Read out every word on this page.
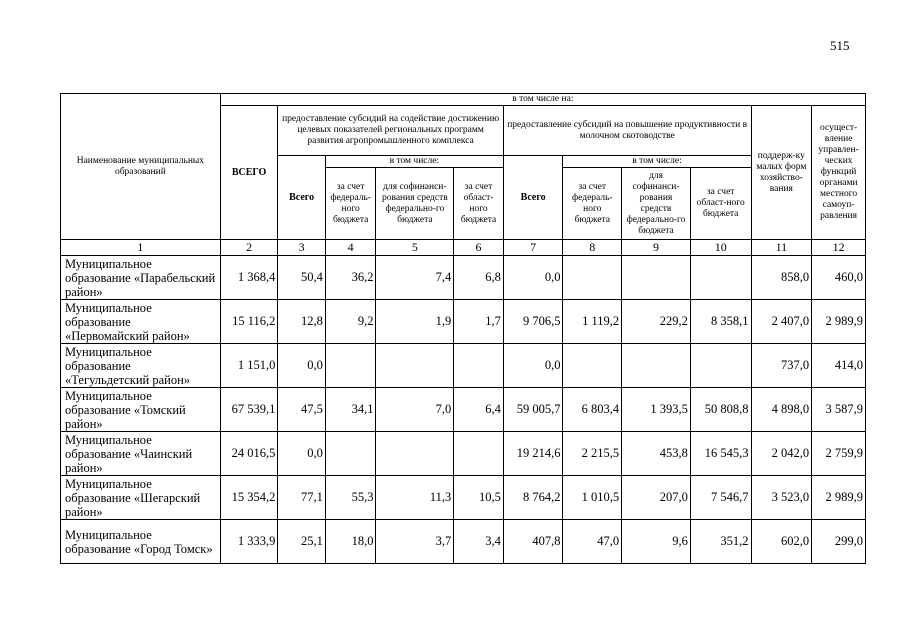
515
Наименование муниципальных образований	в том числе на:										
	ВСЕГО	предоставление субсидий на содействие достижению целевых показателей региональных программ развития агропромышленного комплекса				предоставление субсидий на повышение продуктивности в молочном скотоводстве				поддерж-ку малых форм хозяйство-вания	осущест-вление управлен-ческих функций органами местного самоуп-равления
		Всего	в том числе:			Всего	в том числе:				
			за счет федераль-ного бюджета	для софинанси-рования средств федерально-го бюджета	за счет област-ного бюджета		за счет федераль-ного бюджета	для софинанси-рования средств федерально-го бюджета	за счет област-ного бюджета		
1	2	3	4	5	6	7	8	9	10	11	12
Муниципальное образование «Парабельский район»	1 368,4	50,4	36,2	7,4	6,8	0,0				858,0	460,0
Муниципальное образование «Первомайский район»	15 116,2	12,8	9,2	1,9	1,7	9 706,5	1 119,2	229,2	8 358,1	2 407,0	2 989,9
Муниципальное образование «Тегульдетский район»	1 151,0	0,0				0,0				737,0	414,0
Муниципальное образование «Томский район»	67 539,1	47,5	34,1	7,0	6,4	59 005,7	6 803,4	1 393,5	50 808,8	4 898,0	3 587,9
Муниципальное образование «Чаинский район»	24 016,5	0,0				19 214,6	2 215,5	453,8	16 545,3	2 042,0	2 759,9
Муниципальное образование «Шегарский район»	15 354,2	77,1	55,3	11,3	10,5	8 764,2	1 010,5	207,0	7 546,7	3 523,0	2 989,9
Муниципальное образование «Город Томск»	1 333,9	25,1	18,0	3,7	3,4	407,8	47,0	9,6	351,2	602,0	299,0
